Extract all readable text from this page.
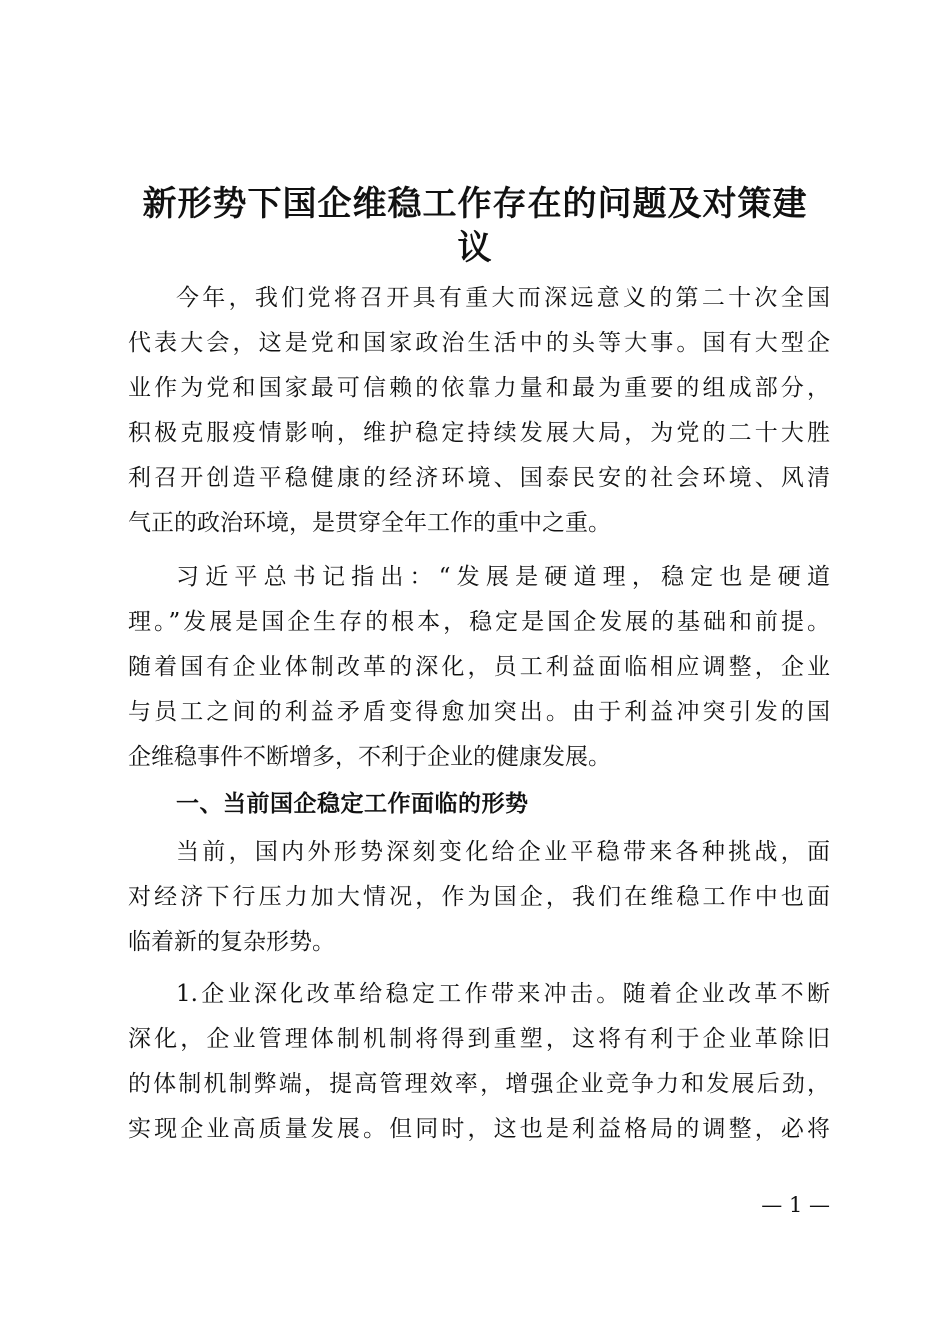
新形势下国企维稳工作存在的问题及对策建
议
今年，我们党将召开具有重大而深远意义的第二十次全国
代表大会，这是党和国家政治生活中的头等大事。国有大型企
业作为党和国家最可信赖的依靠力量和最为重要的组成部分，
积极克服疫情影响，维护稳定持续发展大局，为党的二十大胜
利召开创造平稳健康的经济环境、国泰民安的社会环境、风清
气正的政治环境，是贯穿全年工作的重中之重。
习近平总书记指出：“发展是硬道理，稳定也是硬道
理。”发展是国企生存的根本，稳定是国企发展的基础和前提。
随着国有企业体制改革的深化，员工利益面临相应调整，企业
与员工之间的利益矛盾变得愈加突出。由于利益冲突引发的国
企维稳事件不断增多，不利于企业的健康发展。
一、当前国企稳定工作面临的形势
当前，国内外形势深刻变化给企业平稳带来各种挑战，面
对经济下行压力加大情况，作为国企，我们在维稳工作中也面
临着新的复杂形势。
1.企业深化改革给稳定工作带来冲击。随着企业改革不断
深化，企业管理体制机制将得到重塑，这将有利于企业革除旧
的体制机制弊端，提高管理效率，增强企业竞争力和发展后劲，
实现企业高质量发展。但同时，这也是利益格局的调整，必将
— 1 —
